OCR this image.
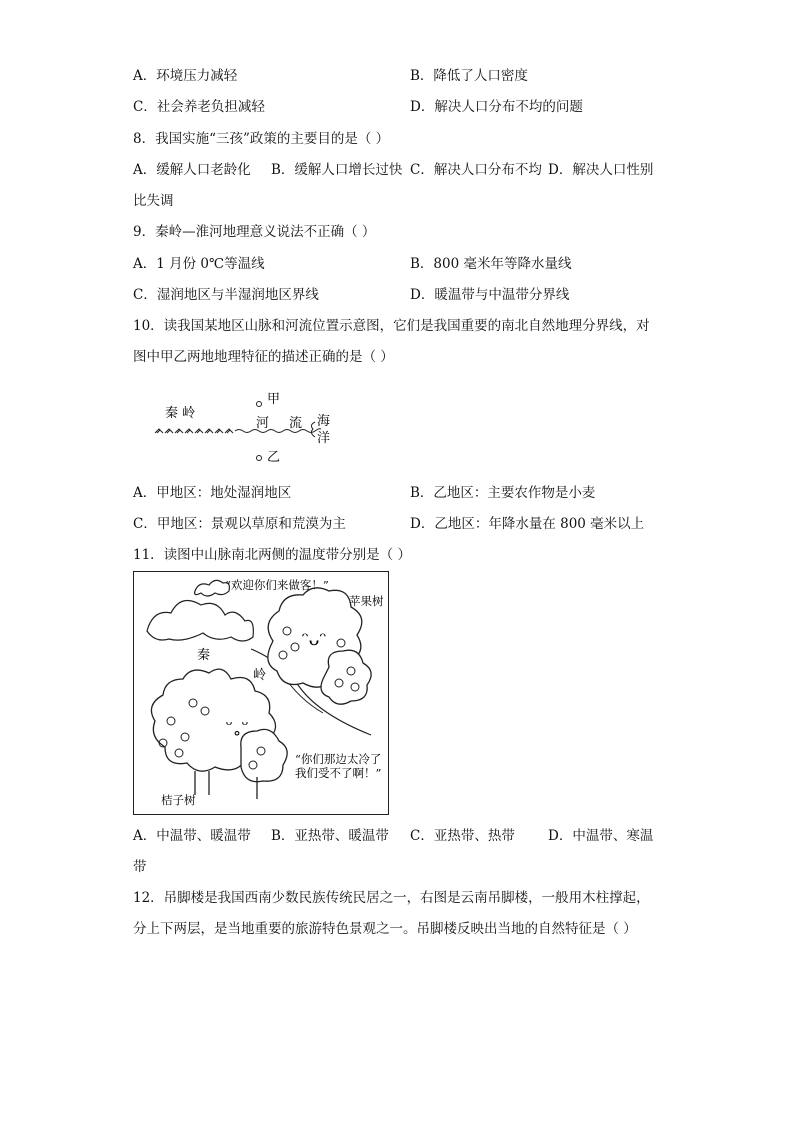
A．环境压力减轻	B．降低了人口密度
C．社会养老负担减轻	D．解决人口分布不均的问题
8．我国实施“三孩”政策的主要目的是（ ）
A．缓解人口老龄化 B．缓解人口增长过快 C．解决人口分布不均 D．解决人口性别
比失调
9．秦岭—淮河地理意义说法不正确（ ）
A．1 月份 0℃等温线	B．800 毫米年等降水量线
C．湿润地区与半湿润地区界线	D．暖温带与中温带分界线
10．读我国某地区山脉和河流位置示意图，它们是我国重要的南北自然地理分界线，对
图中甲乙两地地理特征的描述正确的是（ ）
秦 岭
甲
河 流 海
洋
乙
A．甲地区：地处湿润地区	B．乙地区：主要农作物是小麦
C．甲地区：景观以草原和荒漠为主	D．乙地区：年降水量在 800 毫米以上
11．读图中山脉南北两侧的温度带分别是（ ）
ᵔᴗᵔ
ᵕ˳ᵕ
“欢迎你们来做客！”
苹果树
秦
岭
“你们那边太冷了
我们受不了啊！”
桔子树
A．中温带、暖温带 B．亚热带、暖温带 C．亚热带、热带 D．中温带、寒温
带
12．吊脚楼是我国西南少数民族传统民居之一，右图是云南吊脚楼，一般用木柱撑起，
分上下两层，是当地重要的旅游特色景观之一。吊脚楼反映出当地的自然特征是（ ）
